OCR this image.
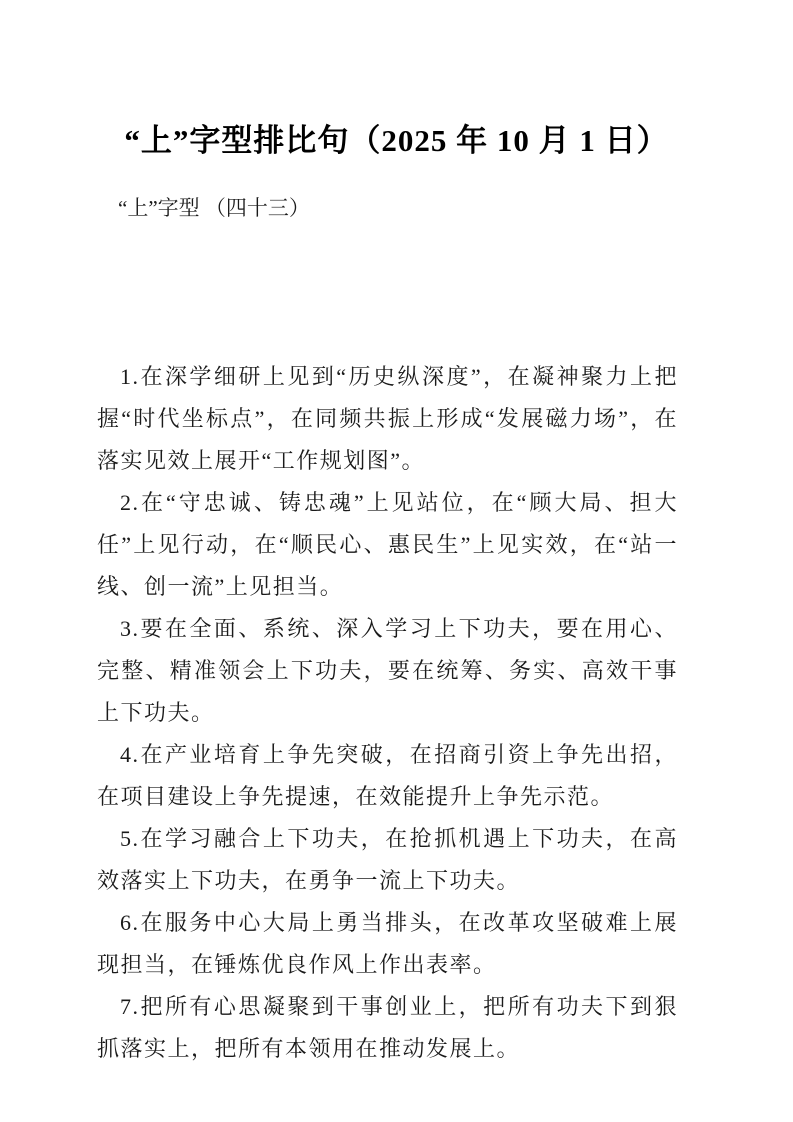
“上”字型排比句（2025 年 10 月 1 日）
“上”字型 （四十三）

1.在深学细研上见到“历史纵深度”，在凝神聚力上把握“时代坐标点”，在同频共振上形成“发展磁力场”，在落实见效上展开“工作规划图”。

2.在“守忠诚、铸忠魂”上见站位，在“顾大局、担大任”上见行动，在“顺民心、惠民生”上见实效，在“站一线、创一流”上见担当。

3.要在全面、系统、深入学习上下功夫，要在用心、完整、精准领会上下功夫，要在统筹、务实、高效干事上下功夫。

4.在产业培育上争先突破，在招商引资上争先出招，在项目建设上争先提速，在效能提升上争先示范。

5.在学习融合上下功夫，在抢抓机遇上下功夫，在高效落实上下功夫，在勇争一流上下功夫。

6.在服务中心大局上勇当排头，在改革攻坚破难上展现担当，在锤炼优良作风上作出表率。

7.把所有心思凝聚到干事创业上，把所有功夫下到狠抓落实上，把所有本领用在推动发展上。
